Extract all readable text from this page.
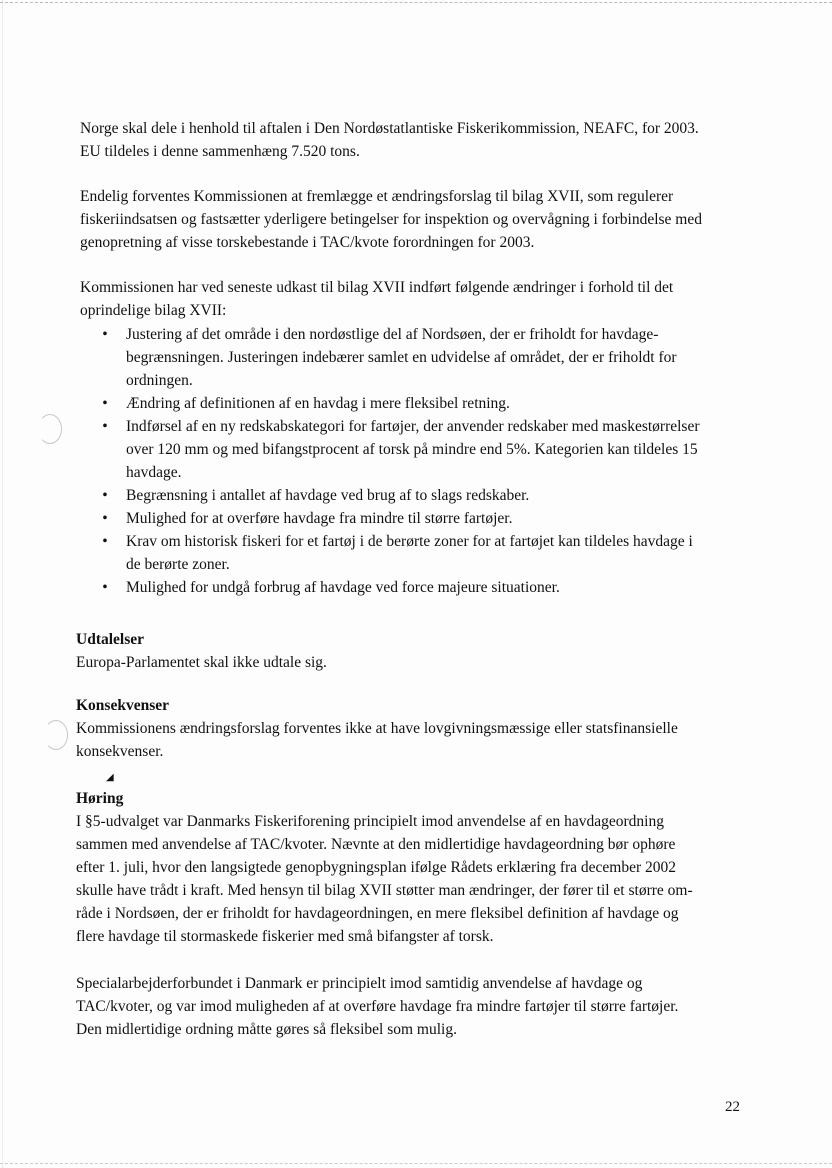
Norge skal dele i henhold til aftalen i Den Nordøstatlantiske Fiskerikommission, NEAFC, for 2003.
EU tildeles i denne sammenhæng 7.520 tons.

Endelig forventes Kommissionen at fremlægge et ændringsforslag til bilag XVII, som regulerer
fiskeriindsatsen og fastsætter yderligere betingelser for inspektion og overvågning i forbindelse med
genopretning af visse torskebestande i TAC/kvote forordningen for 2003.

Kommissionen har ved seneste udkast til bilag XVII indført følgende ændringer i forhold til det
oprindelige bilag XVII:

• Justering af det område i den nordøstlige del af Nordsøen, der er friholdt for havdage-
begrænsningen. Justeringen indebærer samlet en udvidelse af området, der er friholdt for
ordningen.
• Ændring af definitionen af en havdag i mere fleksibel retning.
• Indførsel af en ny redskabskategori for fartøjer, der anvender redskaber med maskestørrelser
over 120 mm og med bifangstprocent af torsk på mindre end 5%. Kategorien kan tildeles 15
havdage.
• Begrænsning i antallet af havdage ved brug af to slags redskaber.
• Mulighed for at overføre havdage fra mindre til større fartøjer.
• Krav om historisk fiskeri for et fartøj i de berørte zoner for at fartøjet kan tildeles havdage i
de berørte zoner.
• Mulighed for undgå forbrug af havdage ved force majeure situationer.
Udtalelser

Europa-Parlamentet skal ikke udtale sig.

Konsekvenser

Kommissionens ændringsforslag forventes ikke at have lovgivningsmæssige eller statsfinansielle
konsekvenser.

◢
Høring

I §5-udvalget var Danmarks Fiskeriforening principielt imod anvendelse af en havdageordning
sammen med anvendelse af TAC/kvoter. Nævnte at den midlertidige havdageordning bør ophøre
efter 1. juli, hvor den langsigtede genopbygningsplan ifølge Rådets erklæring fra december 2002
skulle have trådt i kraft. Med hensyn til bilag XVII støtter man ændringer, der fører til et større om-
råde i Nordsøen, der er friholdt for havdageordningen, en mere fleksibel definition af havdage og
flere havdage til stormaskede fiskerier med små bifangster af torsk.

Specialarbejderforbundet i Danmark er principielt imod samtidig anvendelse af havdage og
TAC/kvoter, og var imod muligheden af at overføre havdage fra mindre fartøjer til større fartøjer.
Den midlertidige ordning måtte gøres så fleksibel som mulig.

22
